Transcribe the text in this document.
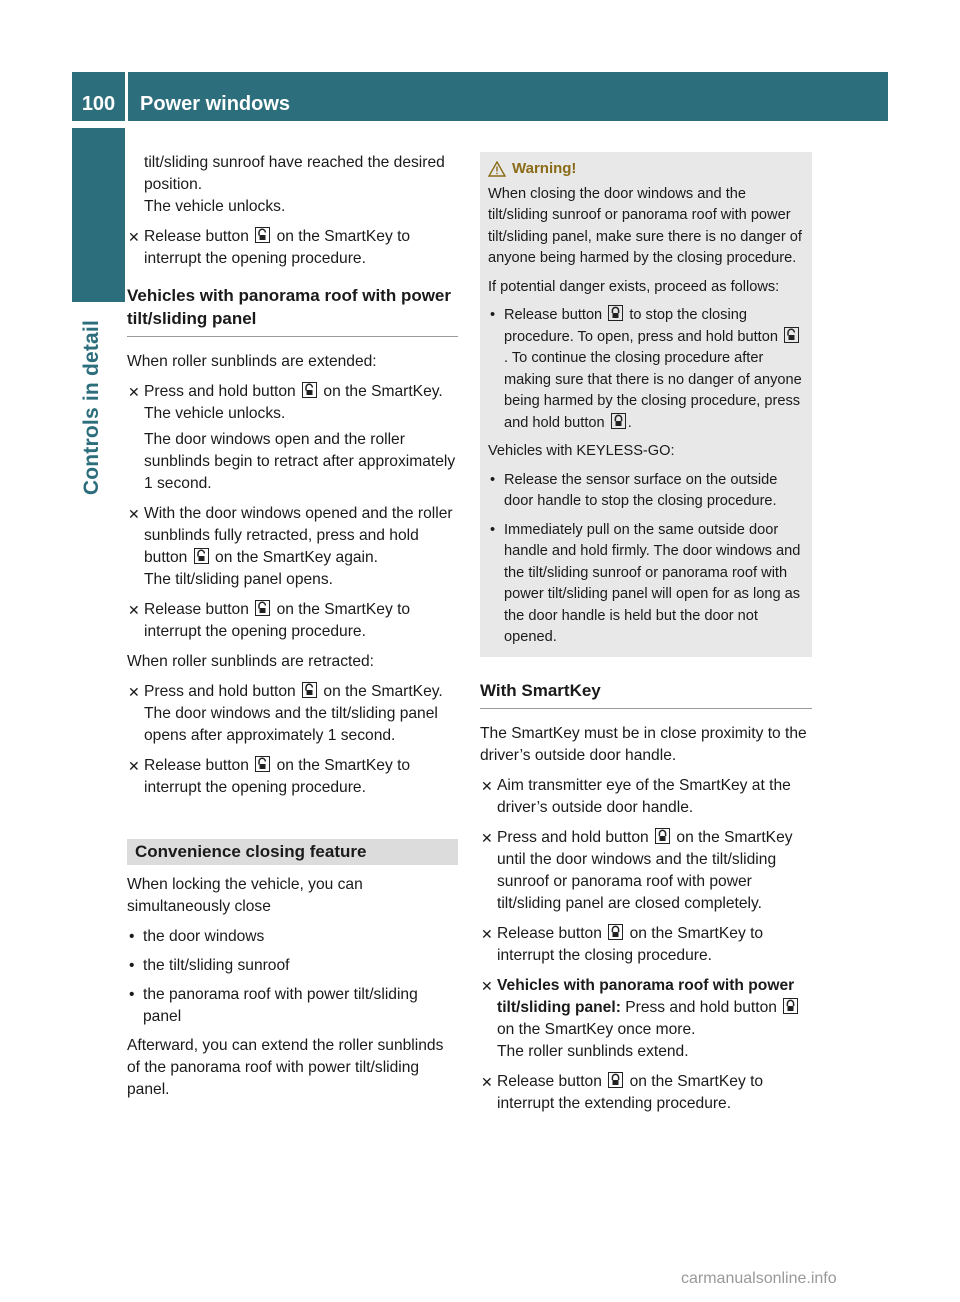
100	Power windows
Controls in detail

tilt/sliding sunroof have reached the desired position.
The vehicle unlocks.

✕ Release button on the SmartKey to interrupt the opening procedure.
Vehicles with panorama roof with power tilt/sliding panel

When roller sunblinds are extended:

✕ Press and hold button on the SmartKey.
The vehicle unlocks.
The door windows open and the roller sunblinds begin to retract after approximately 1 second.
✕ With the door windows opened and the roller sunblinds fully retracted, press and hold button on the SmartKey again.
The tilt/sliding panel opens.
✕ Release button on the SmartKey to interrupt the opening procedure.

When roller sunblinds are retracted:

✕ Press and hold button on the SmartKey.
The door windows and the tilt/sliding panel opens after approximately 1 second.
✕ Release button on the SmartKey to interrupt the opening procedure.
Convenience closing feature

When locking the vehicle, you can simultaneously close

• the door windows
• the tilt/sliding sunroof
• the panorama roof with power tilt/sliding panel

Afterward, you can extend the roller sunblinds of the panorama roof with power tilt/sliding panel.

Warning!

When closing the door windows and the tilt/sliding sunroof or panorama roof with power tilt/sliding panel, make sure there is no danger of anyone being harmed by the closing procedure.

If potential danger exists, proceed as follows:

• Release button to stop the closing procedure. To open, press and hold button
. To continue the closing procedure after making sure that there is no danger of anyone being harmed by the closing procedure, press and hold button .

Vehicles with KEYLESS-GO:

• Release the sensor surface on the outside door handle to stop the closing procedure.
• Immediately pull on the same outside door handle and hold firmly. The door windows and the tilt/sliding sunroof or panorama roof with power tilt/sliding panel will open for as long as the door handle is held but the door not opened.
With SmartKey

The SmartKey must be in close proximity to the driver’s outside door handle.

✕ Aim transmitter eye of the SmartKey at the driver’s outside door handle.
✕ Press and hold button on the SmartKey until the door windows and the tilt/sliding sunroof or panorama roof with power tilt/sliding panel are closed completely.
✕ Release button on the SmartKey to interrupt the closing procedure.
✕ Vehicles with panorama roof with power tilt/sliding panel: Press and hold button
on the SmartKey once more.
The roller sunblinds extend.
✕ Release button on the SmartKey to interrupt the extending procedure.
carmanualsonline.info
